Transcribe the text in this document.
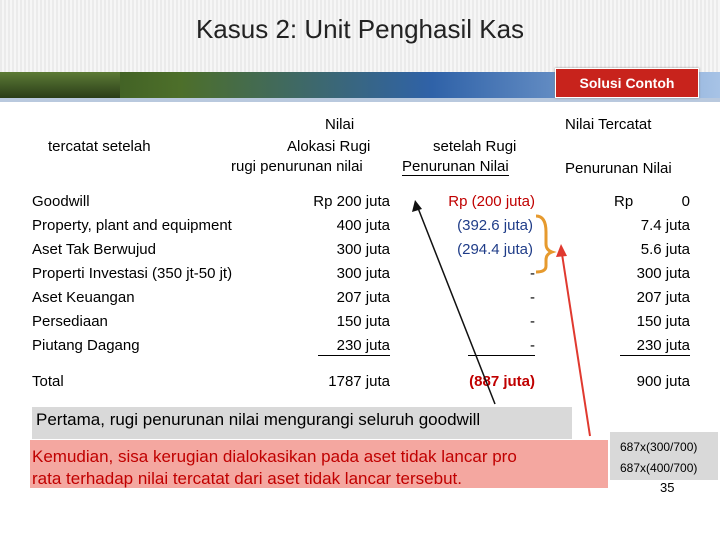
Kasus 2: Unit Penghasil Kas
Solusi Contoh
tercatat setelah
Nilai
Alokasi Rugi
rugi penurunan nilai
setelah Rugi
Penurunan Nilai
Nilai Tercatat
Penurunan Nilai
Goodwill
Property, plant and equipment
Aset Tak Berwujud
Properti Investasi (350 jt-50 jt)
Aset Keuangan
Persediaan
Piutang Dagang
Total
Rp 200 juta
400 juta
300 juta
300 juta
207 juta
150 juta
230 juta
1787 juta
Rp (200 juta)
(392.6 juta)
(294.4 juta)
-
-
-
-
(887 juta)
Rp	0
7.4 juta
5.6 juta
300 juta
207 juta
150 juta
230 juta
900 juta
Pertama, rugi penurunan nilai mengurangi seluruh goodwill
Kemudian, sisa kerugian dialokasikan pada aset tidak lancar pro
rata terhadap nilai tercatat dari aset tidak lancar tersebut.
687x(300/700)
687x(400/700)
35
